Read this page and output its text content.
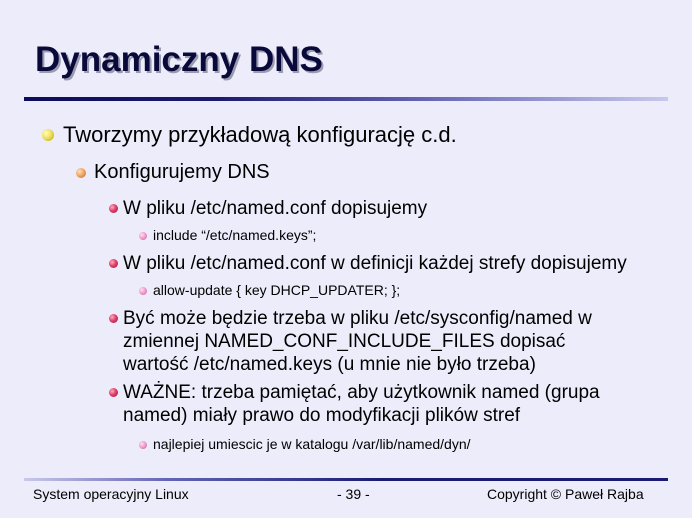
Dynamiczny DNS
Tworzymy przykładową konfigurację c.d.
Konfigurujemy DNS
W pliku /etc/named.conf dopisujemy
include “/etc/named.keys”;
W pliku /etc/named.conf w definicji każdej strefy dopisujemy
allow-update { key DHCP_UPDATER; };
Być może będzie trzeba w pliku /etc/sysconfig/named w
zmiennej NAMED_CONF_INCLUDE_FILES dopisać
wartość /etc/named.keys (u mnie nie było trzeba)
WAŻNE: trzeba pamiętać, aby użytkownik named (grupa
named) miały prawo do modyfikacji plików stref
najlepiej umiescic je w katalogu /var/lib/named/dyn/
System operacyjny Linux	- 39 -	Copyright © Paweł Rajba
